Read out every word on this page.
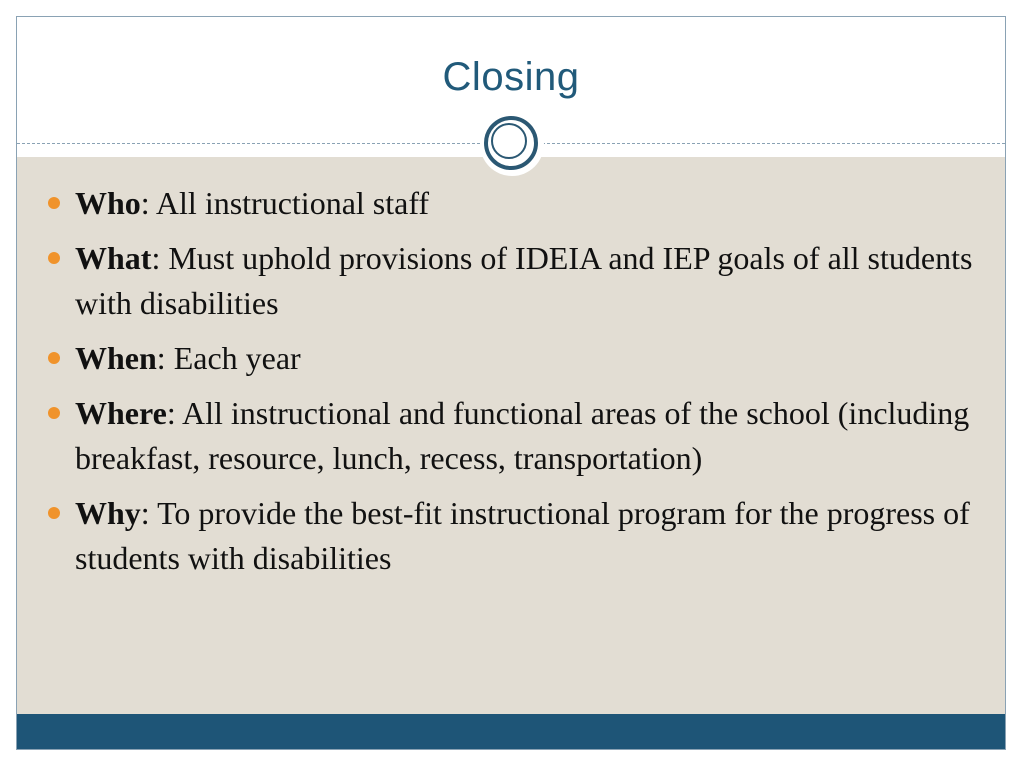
Closing
Who: All instructional staff
What: Must uphold provisions of IDEIA and IEP goals of all students with disabilities
When: Each year
Where: All instructional and functional areas of the school (including breakfast, resource, lunch, recess, transportation)
Why: To provide the best-fit instructional program for the progress of students with disabilities
